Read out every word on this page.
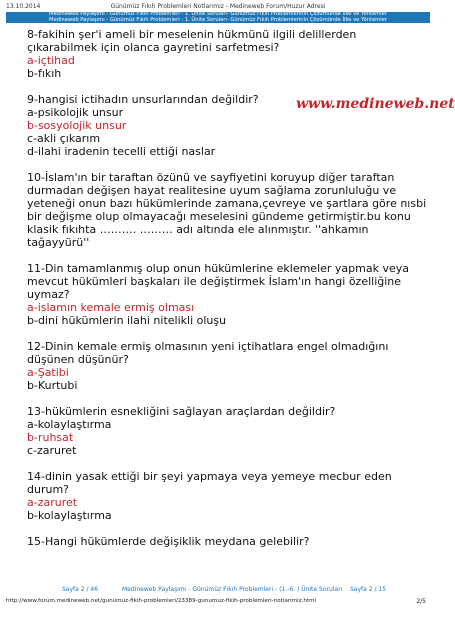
13.10.2014	Günümüz Fıkıh Problemleri Notlarımız - Medineweb Forum/Huzur Adresi
Medineweb Paylaşımı - Günümüz Fıkıh Problemleri - 1. Ünite Soruları- Günümüz Fıkıh Problemlerinin Çözümünde İlke ve Yöntemler
Medineweb Paylaşımı - Günümüz Fıkıh Problemleri - 1. Ünite Soruları- Günümüz Fıkıh Problemlerinin Çözümünde İlke ve Yöntemler
www.medineweb.net
8-fakihin şer'i ameli bir meselenin hükmünü ilgili delillerden
çıkarabilmek için olanca gayretini sarfetmesi?
a-içtihad
b-fıkıh
9-hangisi ictihadın unsurlarından değildir?
a-psikolojik unsur
b-sosyolojik unsur
c-akli çıkarım
d-ilahi iradenin tecelli ettiği naslar
10-İslam'ın bir taraftan özünü ve sayfiyetini koruyup diğer taraftan
durmadan değişen hayat realitesine uyum sağlama zorunluluğu ve
yeteneği onun bazı hükümlerinde zamana,çevreye ve şartlara göre nısbi
bir değişme olup olmayacağı meselesini gündeme getirmiştir.bu konu
klasik fıkıhta ………. ……… adı altında ele alınmıştır. ''ahkamın
tağayyürü''
11-Din tamamlanmış olup onun hükümlerine eklemeler yapmak veya
mevcut hükümleri başkaları ile değiştirmek İslam'ın hangi özelliğine
uymaz?
a-islamın kemale ermiş olması
b-dini hükümlerin ilahi nitelikli oluşu
12-Dinin kemale ermiş olmasının yeni içtihatlara engel olmadığını
düşünen düşünür?
a-Şatibi
b-Kurtubi
13-hükümlerin esnekliğini sağlayan araçlardan değildir?
a-kolaylaştırma
b-ruhsat
c-zaruret
14-dinin yasak ettiği bir şeyi yapmaya veya yemeye mecbur eden
durum?
a-zaruret
b-kolaylaştırma
15-Hangi hükümlerde değişiklik meydana gelebilir?
Sayfa 2 / 46	Medineweb Paylaşımı - Günümüz Fıkıh Problemleri - (1.-6. ) Ünite Soruları Sayfa 2 / 15
http://www.forum.medineweb.net/gunumuz-fikih-problemleri/23389-gunumuz-fikih-problemleri-notlarimiz.html	2/5
